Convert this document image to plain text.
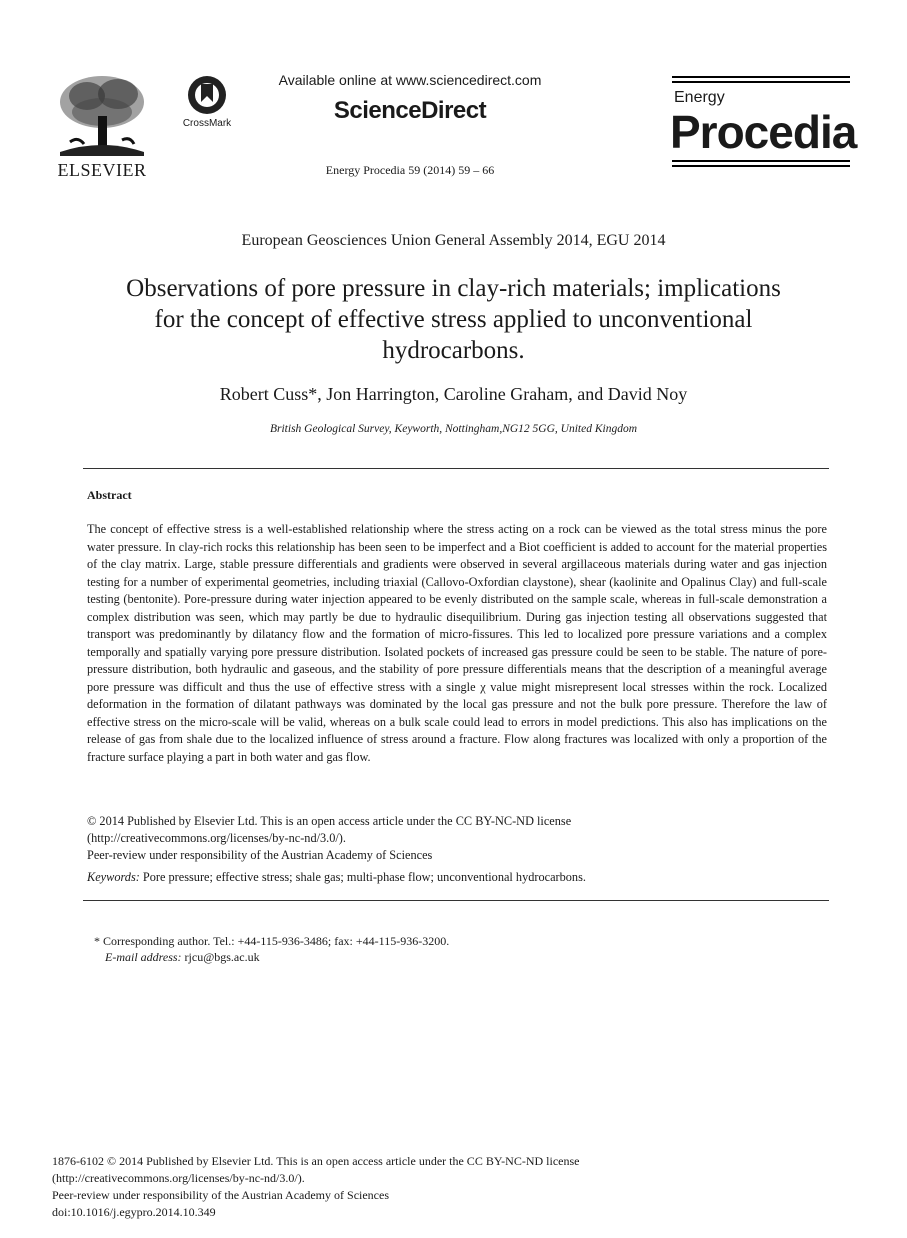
ELSEVIER
CrossMark
Available online at www.sciencedirect.com
ScienceDirect
Energy Procedia 59 (2014) 59 – 66
Energy
Procedia
European Geosciences Union General Assembly 2014, EGU 2014
Observations of pore pressure in clay-rich materials; implications
for the concept of effective stress applied to unconventional
hydrocarbons.
Robert Cuss*, Jon Harrington, Caroline Graham, and David Noy
British Geological Survey, Keyworth, Nottingham,NG12 5GG, United Kingdom
Abstract
The concept of effective stress is a well-established relationship where the stress acting on a rock can be viewed as the total stress minus the pore water pressure. In clay-rich rocks this relationship has been seen to be imperfect and a Biot coefficient is added to account for the material properties of the clay matrix. Large, stable pressure differentials and gradients were observed in several argillaceous materials during water and gas injection testing for a number of experimental geometries, including triaxial (Callovo-Oxfordian claystone), shear (kaolinite and Opalinus Clay) and full-scale testing (bentonite). Pore-pressure during water injection appeared to be evenly distributed on the sample scale, whereas in full-scale demonstration a complex distribution was seen, which may partly be due to hydraulic disequilibrium. During gas injection testing all observations suggested that transport was predominantly by dilatancy flow and the formation of micro-fissures. This led to localized pore pressure variations and a complex temporally and spatially varying pore pressure distribution. Isolated pockets of increased gas pressure could be seen to be stable. The nature of pore-pressure distribution, both hydraulic and gaseous, and the stability of pore pressure differentials means that the description of a meaningful average pore pressure was difficult and thus the use of effective stress with a single χ value might misrepresent local stresses within the rock. Localized deformation in the formation of dilatant pathways was dominated by the local gas pressure and not the bulk pore pressure. Therefore the law of effective stress on the micro-scale will be valid, whereas on a bulk scale could lead to errors in model predictions. This also has implications on the release of gas from shale due to the localized influence of stress around a fracture. Flow along fractures was localized with only a proportion of the fracture surface playing a part in both water and gas flow.

© 2014 Published by Elsevier Ltd. This is an open access article under the CC BY-NC-ND license

(http://creativecommons.org/licenses/by-nc-nd/3.0/).

Peer-review under responsibility of the Austrian Academy of Sciences

Keywords: Pore pressure; effective stress; shale gas; multi-phase flow; unconventional hydrocarbons.

* Corresponding author. Tel.: +44-115-936-3486; fax: +44-115-936-3200.

E-mail address: rjcu@bgs.ac.uk

1876-6102 © 2014 Published by Elsevier Ltd. This is an open access article under the CC BY-NC-ND license

(http://creativecommons.org/licenses/by-nc-nd/3.0/).

Peer-review under responsibility of the Austrian Academy of Sciences

doi:10.1016/j.egypro.2014.10.349
